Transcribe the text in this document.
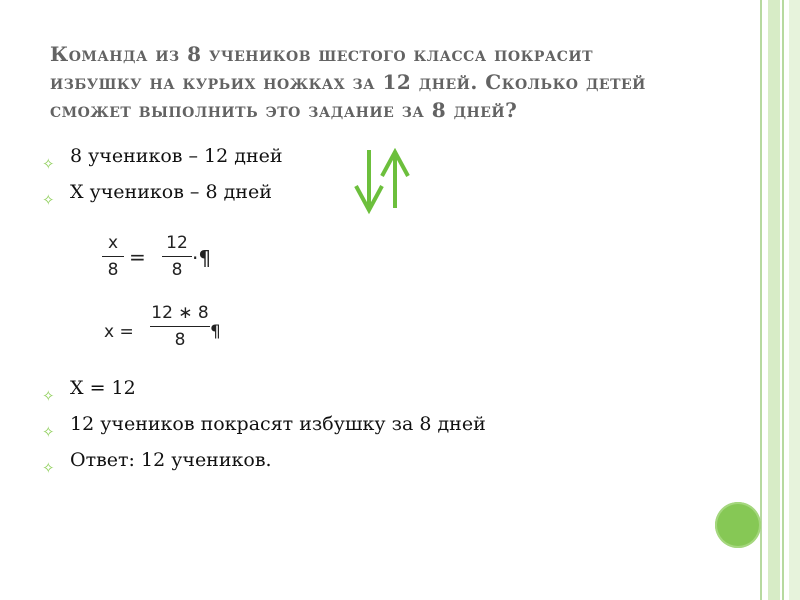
Команда из 8 учеников шестого класса покрасит избушку на курьих ножках за 12 дней. Сколько детей сможет выполнить это задание за 8 дней?
✧ 8 учеников – 12 дней
✧ Х учеников – 8 дней
x
8
=
12
8 ·¶
x =
12 ∗ 8
8	¶
✧ Х = 12
✧ 12 учеников покрасят избушку за 8 дней
✧ Ответ: 12 учеников.
